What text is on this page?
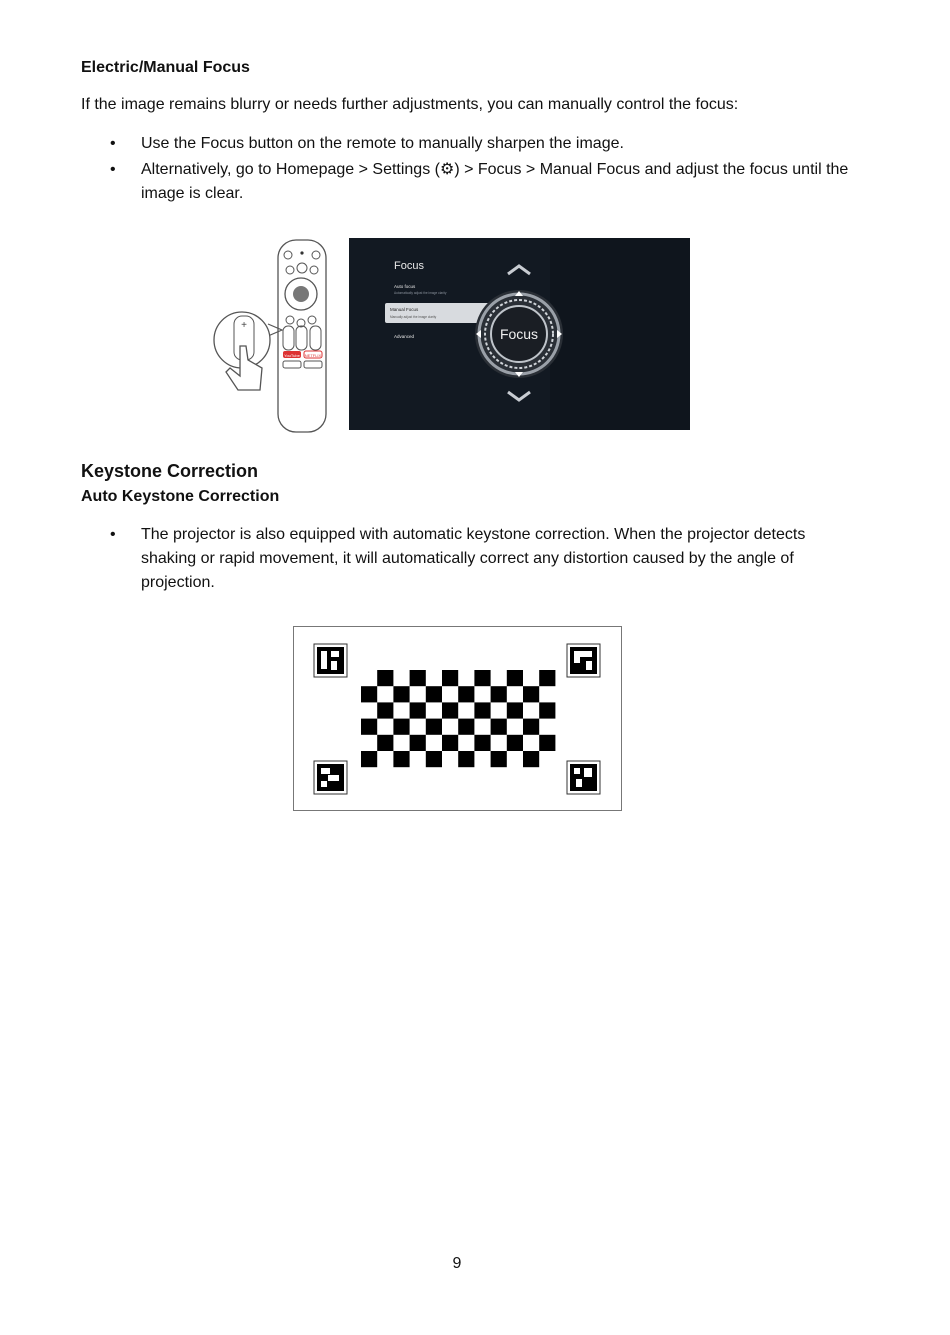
Electric/Manual Focus
If the image remains blurry or needs further adjustments, you can manually control the focus:
• Use the Focus button on the remote to manually sharpen the image.
• Alternatively, go to Homepage > Settings (⚙) > Focus > Manual Focus and adjust the focus until the image is clear.
YouTube NETFLIX
+
Focus
Auto focus
Automatically adjust the image clarity
Manual Focus
Manually adjust the image clarity
Advanced	Focus
Keystone Correction
Auto Keystone Correction
• The projector is also equipped with automatic keystone correction. When the projector detects shaking or rapid movement, it will automatically correct any distortion caused by the angle of projection.
9
